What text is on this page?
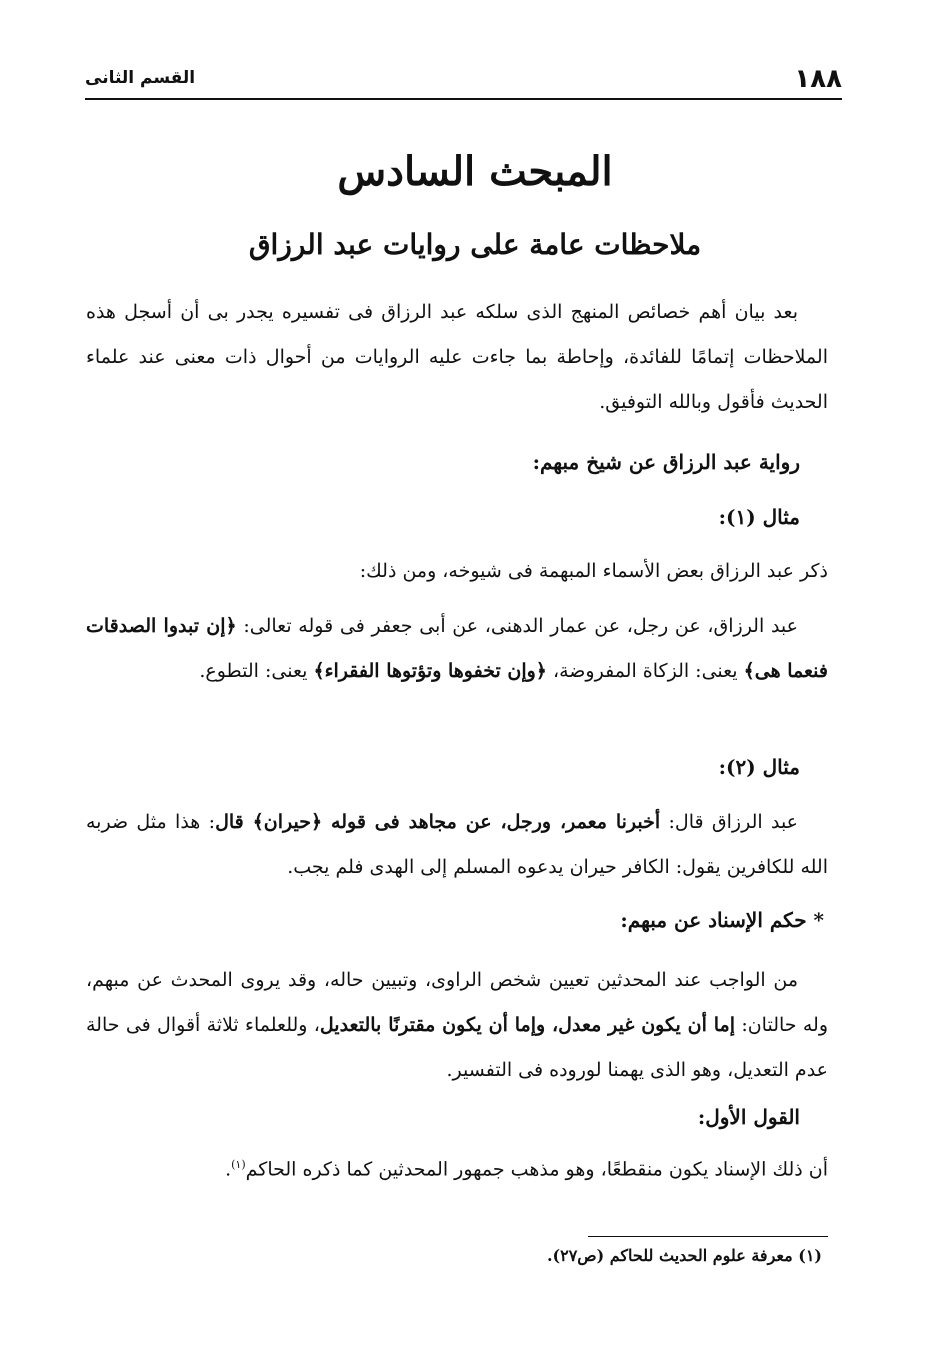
١٨٨
القسم الثانى
المبحث السادس
ملاحظات عامة على روايات عبد الرزاق

بعد بيان أهم خصائص المنهج الذى سلكه عبد الرزاق فى تفسيره يجدر بى أن أسجل هذه الملاحظات إتمامًا للفائدة، وإحاطة بما جاءت عليه الروايات من أحوال ذات معنى عند علماء الحديث فأقول وبالله التوفيق.

رواية عبد الرزاق عن شيخ مبهم:
مثال (١):
ذكر عبد الرزاق بعض الأسماء المبهمة فى شيوخه، ومن ذلك:

عبد الرزاق، عن رجل، عن عمار الدهنى، عن أبى جعفر فى قوله تعالى: ﴿إن تبدوا الصدقات فنعما هى﴾ يعنى: الزكاة المفروضة، ﴿وإن تخفوها وتؤتوها الفقراء﴾ يعنى: التطوع.

مثال (٢):

عبد الرزاق قال: أخبرنا معمر، ورجل، عن مجاهد فى قوله ﴿حيران﴾ قال: هذا مثل ضربه الله للكافرين يقول: الكافر حيران يدعوه المسلم إلى الهدى فلم يجب.

* حكم الإسناد عن مبهم:

من الواجب عند المحدثين تعيين شخص الراوى، وتبيين حاله، وقد يروى المحدث عن مبهم، وله حالتان: إما أن يكون غير معدل، وإما أن يكون مقترنًا بالتعديل، وللعلماء ثلاثة أقوال فى حالة عدم التعديل، وهو الذى يهمنا لوروده فى التفسير.

القول الأول:
أن ذلك الإسناد يكون منقطعًا، وهو مذهب جمهور المحدثين كما ذكره الحاكم$^{(١)}$.
(١) معرفة علوم الحديث للحاكم (ص٢٧).
